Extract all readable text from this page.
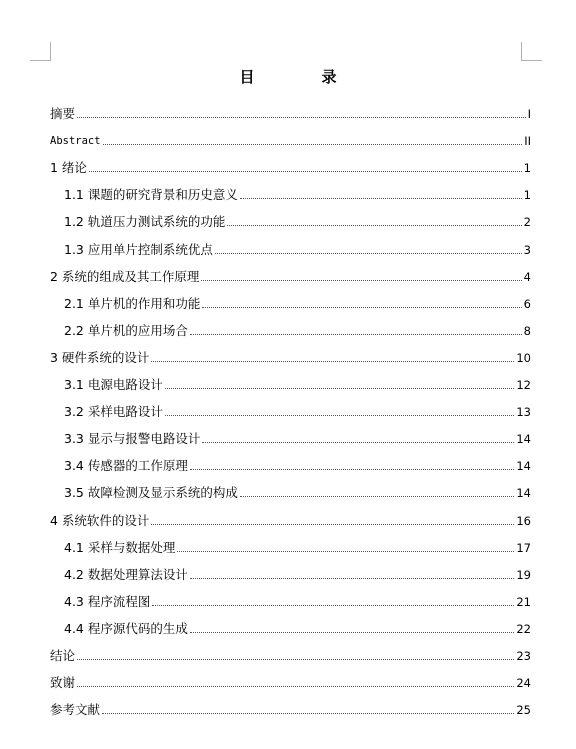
目　录
摘要	I
Abstract	II
1 绪论	1
1.1 课题的研究背景和历史意义	1
1.2 轨道压力测试系统的功能	2
1.3 应用单片控制系统优点	3
2 系统的组成及其工作原理	4
2.1 单片机的作用和功能	6
2.2 单片机的应用场合	8
3 硬件系统的设计	10
3.1 电源电路设计	12
3.2 采样电路设计	13
3.3 显示与报警电路设计	14
3.4 传感器的工作原理	14
3.5 故障检测及显示系统的构成	14
4 系统软件的设计	16
4.1 采样与数据处理	17
4.2 数据处理算法设计	19
4.3 程序流程图	21
4.4 程序源代码的生成	22
结论	23
致谢	24
参考文献	25
